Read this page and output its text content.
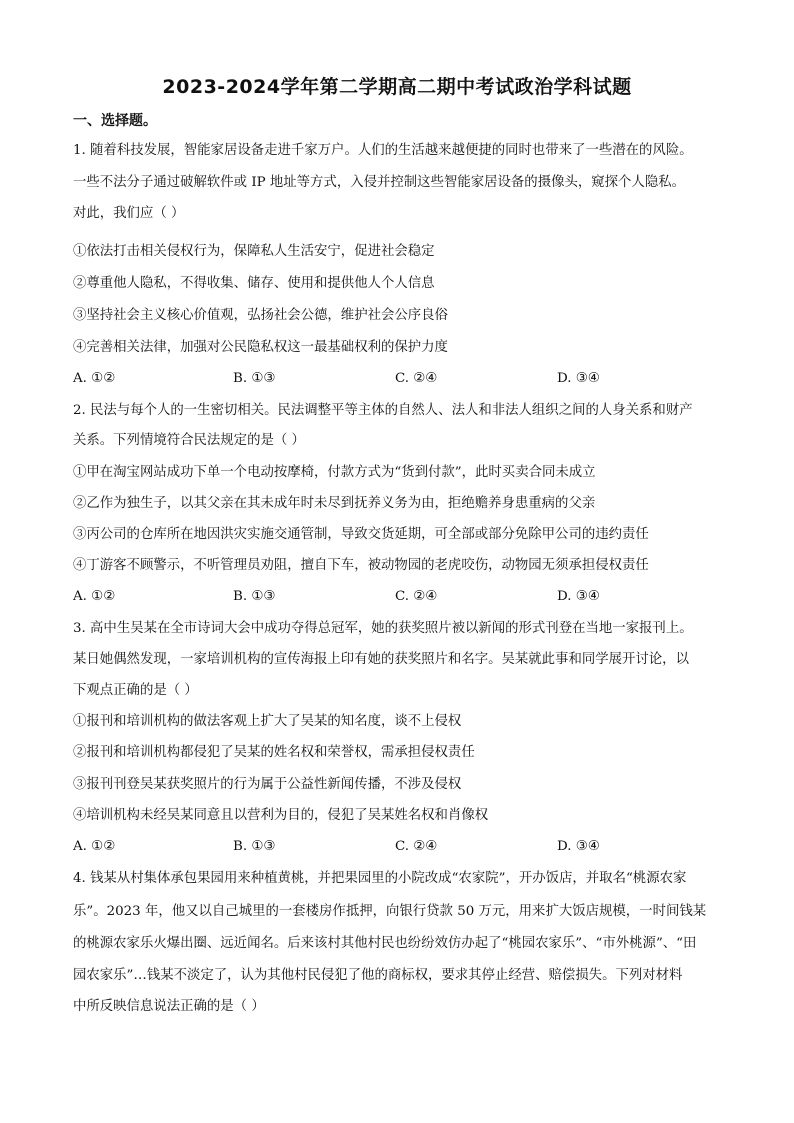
2023-2024学年第二学期高二期中考试政治学科试题
一、选择题。
1. 随着科技发展，智能家居设备走进千家万户。人们的生活越来越便捷的同时也带来了一些潜在的风险。
一些不法分子通过破解软件或 IP 地址等方式，入侵并控制这些智能家居设备的摄像头，窥探个人隐私。
对此，我们应（ ）
①依法打击相关侵权行为，保障私人生活安宁，促进社会稳定
②尊重他人隐私，不得收集、储存、使用和提供他人个人信息
③坚持社会主义核心价值观，弘扬社会公德，维护社会公序良俗
④完善相关法律，加强对公民隐私权这一最基础权利的保护力度
A. ①②	B. ①③	C. ②④	D. ③④
2. 民法与每个人的一生密切相关。民法调整平等主体的自然人、法人和非法人组织之间的人身关系和财产
关系。下列情境符合民法规定的是（ ）
①甲在淘宝网站成功下单一个电动按摩椅，付款方式为“货到付款”，此时买卖合同未成立
②乙作为独生子，以其父亲在其未成年时未尽到抚养义务为由，拒绝赡养身患重病的父亲
③丙公司的仓库所在地因洪灾实施交通管制，导致交货延期，可全部或部分免除甲公司的违约责任
④丁游客不顾警示，不听管理员劝阻，擅自下车，被动物园的老虎咬伤，动物园无须承担侵权责任
A. ①②	B. ①③	C. ②④	D. ③④
3. 高中生吴某在全市诗词大会中成功夺得总冠军，她的获奖照片被以新闻的形式刊登在当地一家报刊上。
某日她偶然发现，一家培训机构的宣传海报上印有她的获奖照片和名字。吴某就此事和同学展开讨论，以
下观点正确的是（ ）
①报刊和培训机构的做法客观上扩大了吴某的知名度，谈不上侵权
②报刊和培训机构都侵犯了吴某的姓名权和荣誉权，需承担侵权责任
③报刊刊登吴某获奖照片的行为属于公益性新闻传播，不涉及侵权
④培训机构未经吴某同意且以营利为目的，侵犯了吴某姓名权和肖像权
A. ①②	B. ①③	C. ②④	D. ③④
4. 钱某从村集体承包果园用来种植黄桃，并把果园里的小院改成“农家院”，开办饭店，并取名“桃源农家
乐”。2023 年，他又以自己城里的一套楼房作抵押，向银行贷款 50 万元，用来扩大饭店规模，一时间钱某
的桃源农家乐火爆出圈、远近闻名。后来该村其他村民也纷纷效仿办起了“桃园农家乐”、“市外桃源”、“田
园农家乐”…钱某不淡定了，认为其他村民侵犯了他的商标权，要求其停止经营、赔偿损失。下列对材料
中所反映信息说法正确的是（ ）
